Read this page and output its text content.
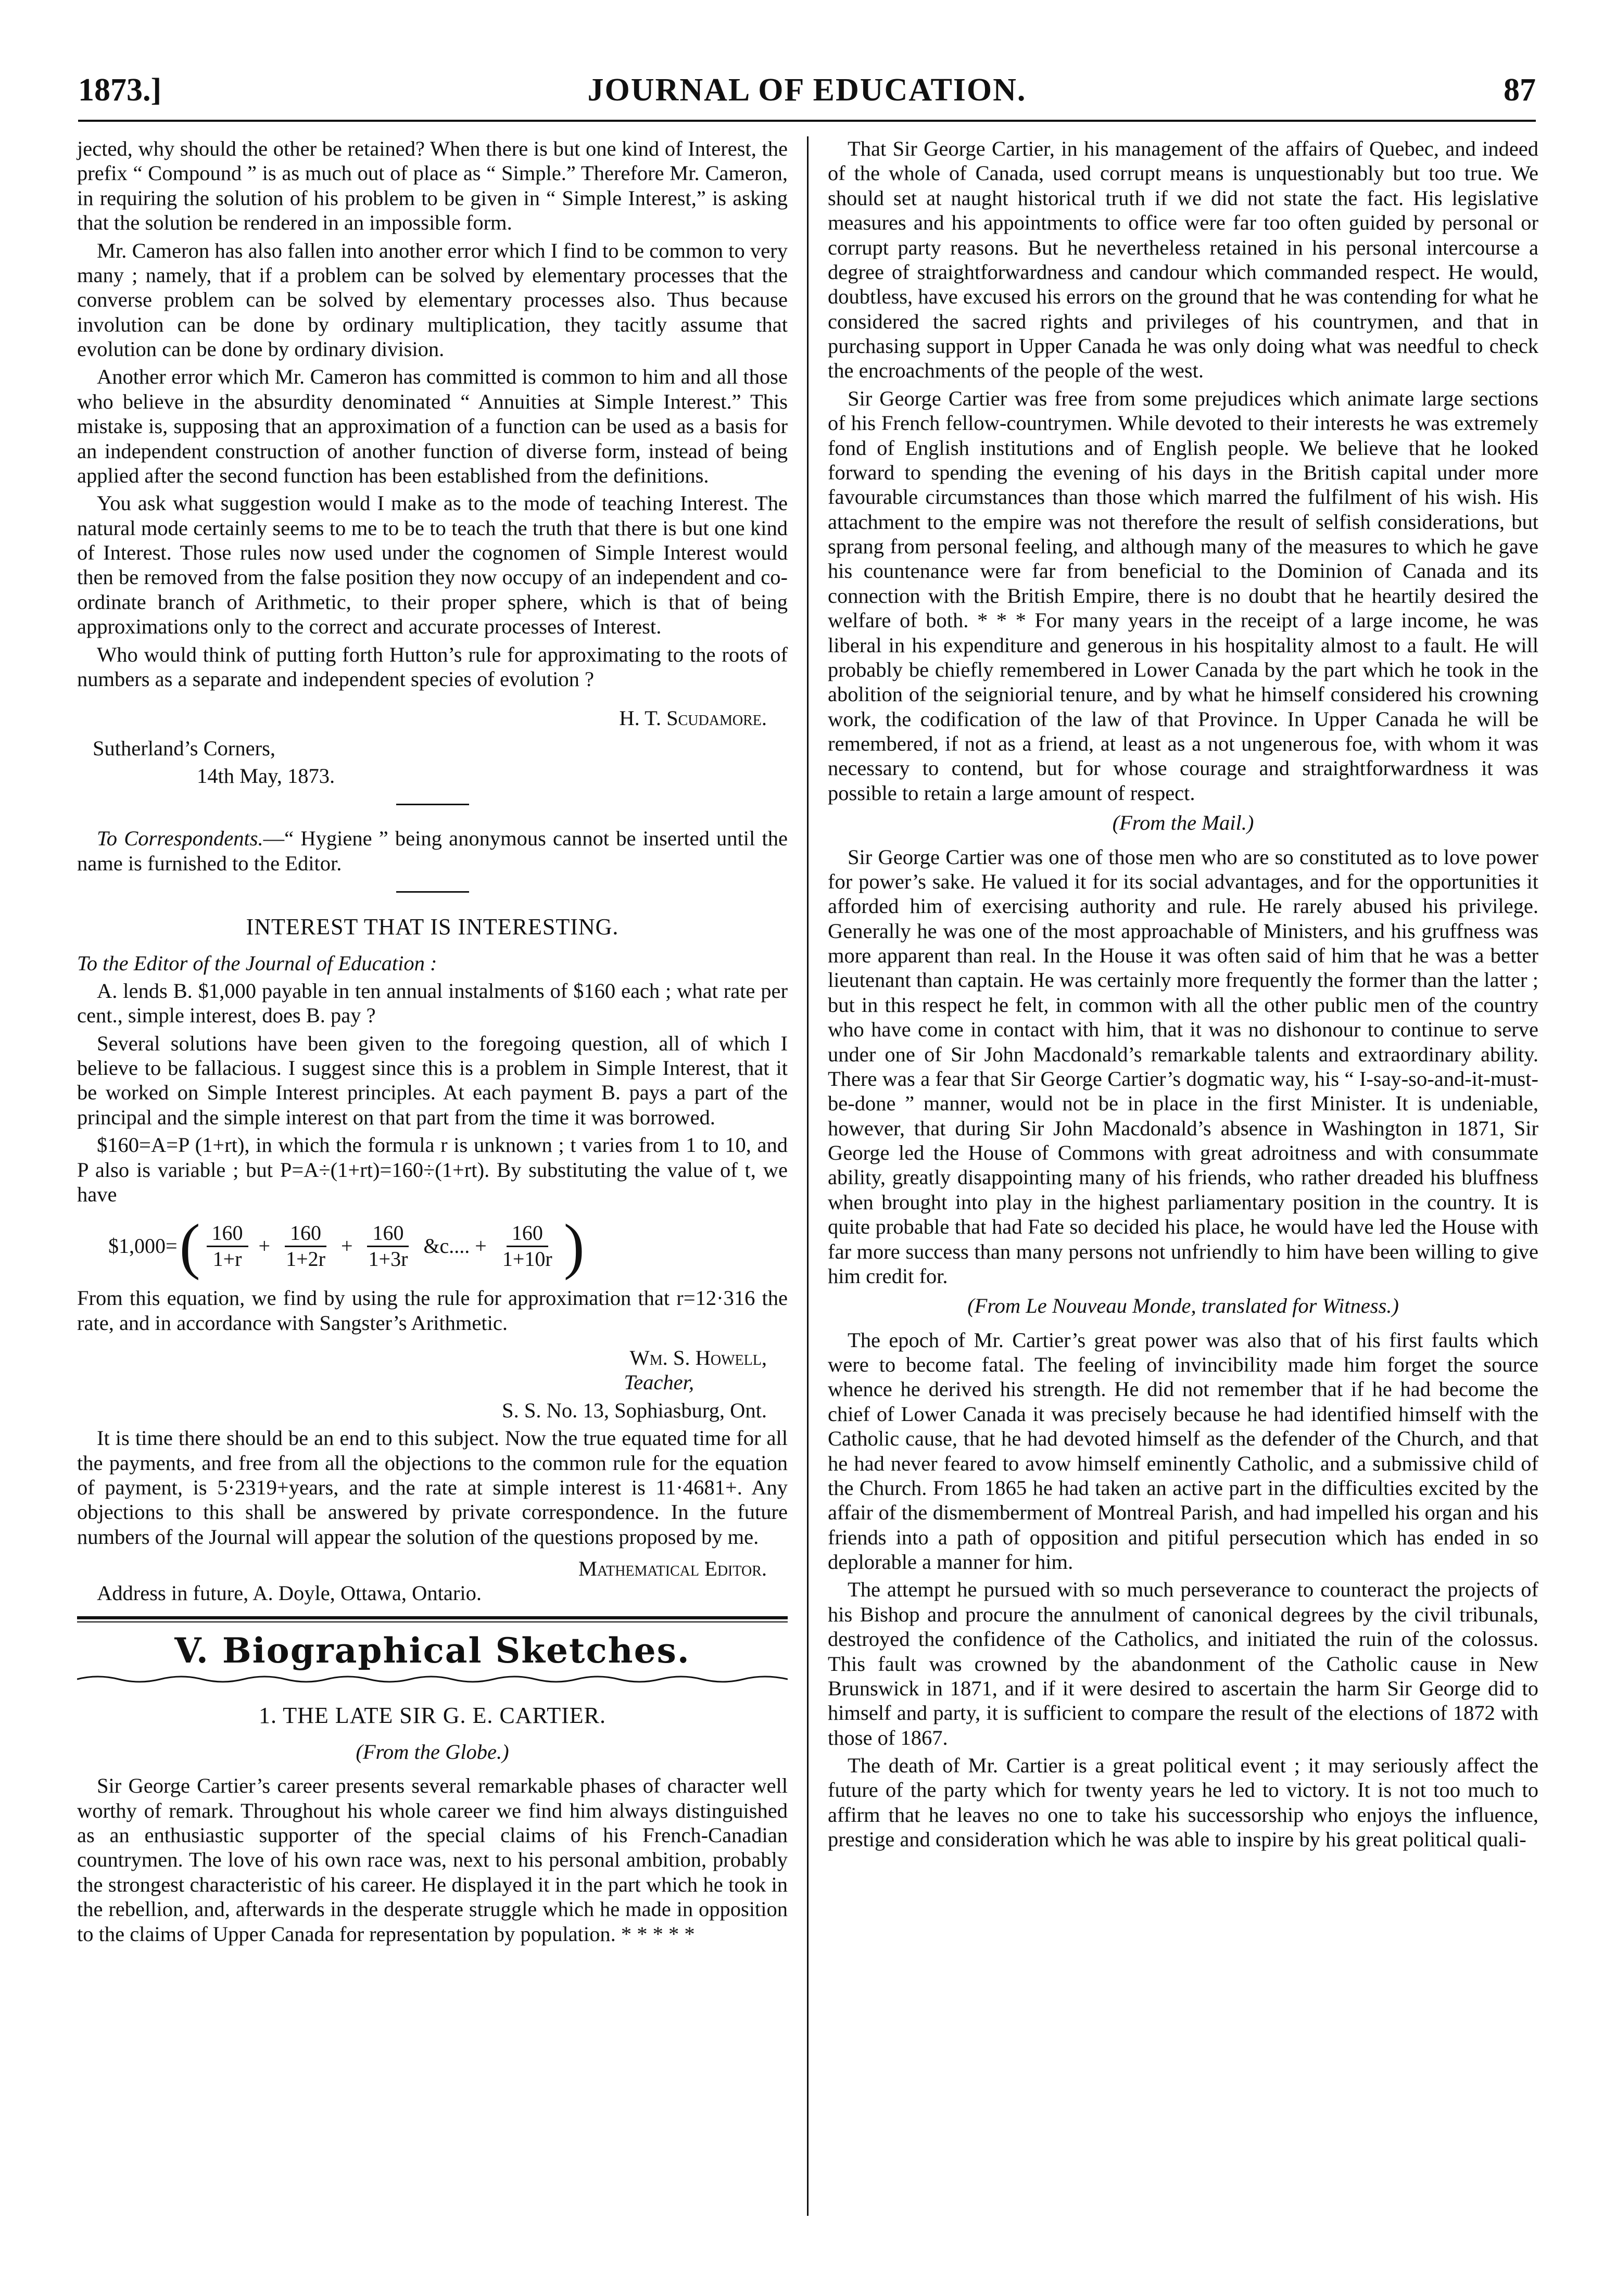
1873.]	JOURNAL OF EDUCATION.	87

jected, why should the other be retained? When there is but one kind of Interest, the prefix “ Compound ” is as much out of place as “ Simple.” Therefore Mr. Cameron, in requiring the solution of his problem to be given in “ Simple Interest,” is asking that the solution be rendered in an impossible form.

Mr. Cameron has also fallen into another error which I find to be common to very many ; namely, that if a problem can be solved by elementary processes that the converse problem can be solved by elementary processes also. Thus because involution can be done by ordinary multiplication, they tacitly assume that evolution can be done by ordinary division.

Another error which Mr. Cameron has committed is common to him and all those who believe in the absurdity denominated “ Annuities at Simple Interest.” This mistake is, supposing that an approximation of a function can be used as a basis for an independent construction of another function of diverse form, instead of being applied after the second function has been established from the definitions.

You ask what suggestion would I make as to the mode of teaching Interest. The natural mode certainly seems to me to be to teach the truth that there is but one kind of Interest. Those rules now used under the cognomen of Simple Interest would then be removed from the false position they now occupy of an independent and co-ordinate branch of Arithmetic, to their proper sphere, which is that of being approximations only to the correct and accurate processes of Interest.

Who would think of putting forth Hutton’s rule for approximating to the roots of numbers as a separate and independent species of evolution ?

H. T. Scudamore.

Sutherland’s Corners,

14th May, 1873.

To Correspondents.—“ Hygiene ” being anonymous cannot be inserted until the name is furnished to the Editor.

INTEREST THAT IS INTERESTING.

To the Editor of the Journal of Education :

A. lends B. $1,000 payable in ten annual instalments of $160 each ; what rate per cent., simple interest, does B. pay ?

Several solutions have been given to the foregoing question, all of which I believe to be fallacious. I suggest since this is a problem in Simple Interest, that it be worked on Simple Interest principles. At each payment B. pays a part of the principal and the simple interest on that part from the time it was borrowed.

$160=A=P (1+rt), in which the formula r is unknown ; t varies from 1 to 10, and P also is variable ; but P=A÷(1+rt)=160÷(1+rt). By substituting the value of t, we have

$1,000= ( $\frac{160}{1+r} + \frac{160}{1+2r} + \frac{160}{1+3r}$ &c.... + $\frac{160}{1+10r}$ )

From this equation, we find by using the rule for approximation that r=12·316 the rate, and in accordance with Sangster’s Arithmetic.

Wm. S. Howell,

Teacher,

S. S. No. 13, Sophiasburg, Ont.

It is time there should be an end to this subject. Now the true equated time for all the payments, and free from all the objections to the common rule for the equation of payment, is 5·2319+years, and the rate at simple interest is 11·4681+. Any objections to this shall be answered by private correspondence. In the future numbers of the Journal will appear the solution of the questions proposed by me.

Mathematical Editor.

Address in future, A. Doyle, Ottawa, Ontario.

V. Biographical Sketches.

1. THE LATE SIR G. E. CARTIER.

(From the Globe.)

Sir George Cartier’s career presents several remarkable phases of character well worthy of remark. Throughout his whole career we find him always distinguished as an enthusiastic supporter of the special claims of his French-Canadian countrymen. The love of his own race was, next to his personal ambition, probably the strongest characteristic of his career. He displayed it in the part which he took in the rebellion, and, afterwards in the desperate struggle which he made in opposition to the claims of Upper Canada for representation by population. * * * * *

That Sir George Cartier, in his management of the affairs of Quebec, and indeed of the whole of Canada, used corrupt means is unquestionably but too true. We should set at naught historical truth if we did not state the fact. His legislative measures and his appointments to office were far too often guided by personal or corrupt party reasons. But he nevertheless retained in his personal intercourse a degree of straightforwardness and candour which commanded respect. He would, doubtless, have excused his errors on the ground that he was contending for what he considered the sacred rights and privileges of his countrymen, and that in purchasing support in Upper Canada he was only doing what was needful to check the encroachments of the people of the west.

Sir George Cartier was free from some prejudices which animate large sections of his French fellow-countrymen. While devoted to their interests he was extremely fond of English institutions and of English people. We believe that he looked forward to spending the evening of his days in the British capital under more favourable circumstances than those which marred the fulfilment of his wish. His attachment to the empire was not therefore the result of selfish considerations, but sprang from personal feeling, and although many of the measures to which he gave his countenance were far from beneficial to the Dominion of Canada and its connection with the British Empire, there is no doubt that he heartily desired the welfare of both. * * * For many years in the receipt of a large income, he was liberal in his expenditure and generous in his hospitality almost to a fault. He will probably be chiefly remembered in Lower Canada by the part which he took in the abolition of the seigniorial tenure, and by what he himself considered his crowning work, the codification of the law of that Province. In Upper Canada he will be remembered, if not as a friend, at least as a not ungenerous foe, with whom it was necessary to contend, but for whose courage and straightforwardness it was possible to retain a large amount of respect.

(From the Mail.)

Sir George Cartier was one of those men who are so constituted as to love power for power’s sake. He valued it for its social advantages, and for the opportunities it afforded him of exercising authority and rule. He rarely abused his privilege. Generally he was one of the most approachable of Ministers, and his gruffness was more apparent than real. In the House it was often said of him that he was a better lieutenant than captain. He was certainly more frequently the former than the latter ; but in this respect he felt, in common with all the other public men of the country who have come in contact with him, that it was no dishonour to continue to serve under one of Sir John Macdonald’s remarkable talents and extraordinary ability. There was a fear that Sir George Cartier’s dogmatic way, his “ I-say-so-and-it-must-be-done ” manner, would not be in place in the first Minister. It is undeniable, however, that during Sir John Macdonald’s absence in Washington in 1871, Sir George led the House of Commons with great adroitness and with consummate ability, greatly disappointing many of his friends, who rather dreaded his bluffness when brought into play in the highest parliamentary position in the country. It is quite probable that had Fate so decided his place, he would have led the House with far more success than many persons not unfriendly to him have been willing to give him credit for.

(From Le Nouveau Monde, translated for Witness.)

The epoch of Mr. Cartier’s great power was also that of his first faults which were to become fatal. The feeling of invincibility made him forget the source whence he derived his strength. He did not remember that if he had become the chief of Lower Canada it was precisely because he had identified himself with the Catholic cause, that he had devoted himself as the defender of the Church, and that he had never feared to avow himself eminently Catholic, and a submissive child of the Church. From 1865 he had taken an active part in the difficulties excited by the affair of the dismemberment of Montreal Parish, and had impelled his organ and his friends into a path of opposition and pitiful persecution which has ended in so deplorable a manner for him.

The attempt he pursued with so much perseverance to counteract the projects of his Bishop and procure the annulment of canonical degrees by the civil tribunals, destroyed the confidence of the Catholics, and initiated the ruin of the colossus. This fault was crowned by the abandonment of the Catholic cause in New Brunswick in 1871, and if it were desired to ascertain the harm Sir George did to himself and party, it is sufficient to compare the result of the elections of 1872 with those of 1867.

The death of Mr. Cartier is a great political event ; it may seriously affect the future of the party which for twenty years he led to victory. It is not too much to affirm that he leaves no one to take his successorship who enjoys the influence, prestige and consideration which he was able to inspire by his great political quali-
